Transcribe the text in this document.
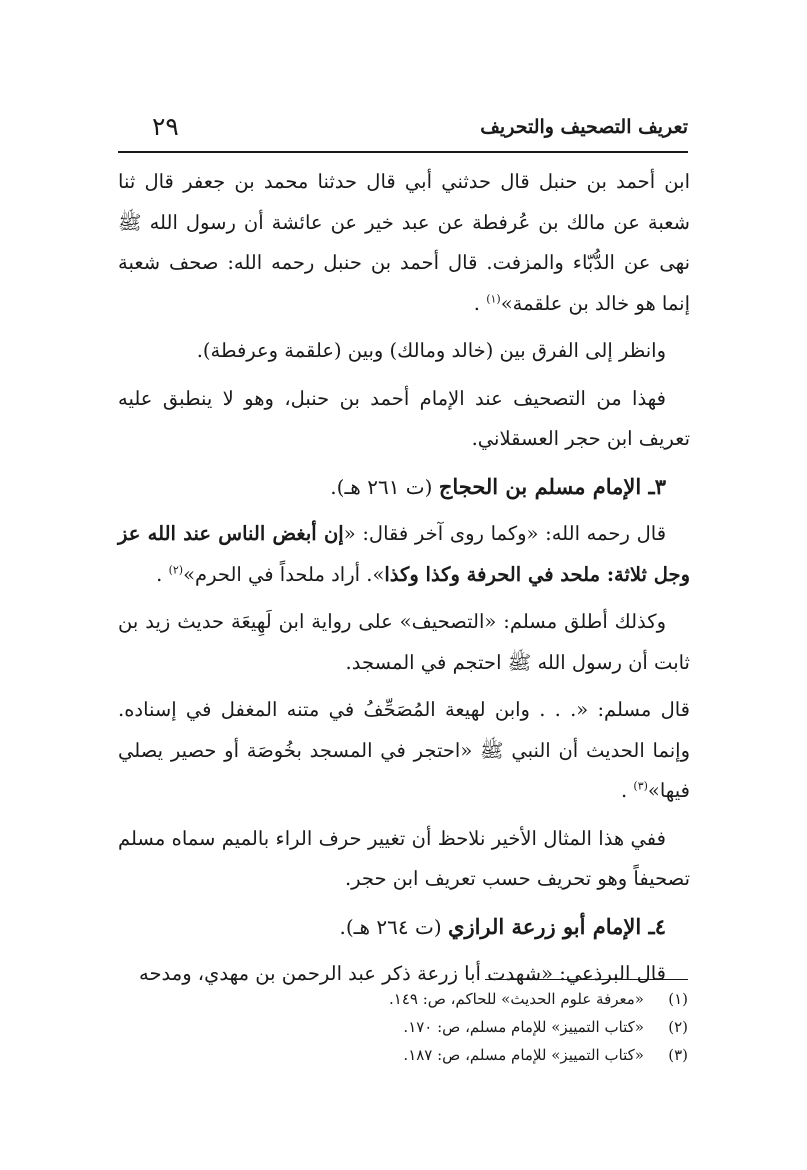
تعريف التصحيف والتحريف
٢٩

ابن أحمد بن حنبل قال حدثني أبي قال حدثنا محمد بن جعفر قال ثنا شعبة عن مالك بن عُرفطة عن عبد خير عن عائشة أن رسول الله ﷺ نهى عن الدُّبّاء والمزفت. قال أحمد بن حنبل رحمه الله: صحف شعبة إنما هو خالد بن علقمة»$^{(١)}$ .

وانظر إلى الفرق بين (خالد ومالك) وبين (علقمة وعرفطة).

فهذا من التصحيف عند الإمام أحمد بن حنبل، وهو لا ينطبق عليه تعريف ابن حجر العسقلاني.

٣ـ الإمام مسلم بن الحجاج (ت ٢٦١ هـ).

قال رحمه الله: «وكما روى آخر فقال: «إن أبغض الناس عند الله عز وجل ثلاثة: ملحد في الحرفة وكذا وكذا». أراد ملحداً في الحرم»$^{(٢)}$ .

وكذلك أطلق مسلم: «التصحيف» على رواية ابن لَهِيعَة حديث زيد بن ثابت أن رسول الله ﷺ احتجم في المسجد.

قال مسلم: «. . . وابن لهيعة المُصَحِّفُ في متنه المغفل في إسناده. وإنما الحديث أن النبي ﷺ «احتجر في المسجد بخُوصَة أو حصير يصلي فيها»$^{(٣)}$ .

ففي هذا المثال الأخير نلاحظ أن تغيير حرف الراء بالميم سماه مسلم تصحيفاً وهو تحريف حسب تعريف ابن حجر.

٤ـ الإمام أبو زرعة الرازي (ت ٢٦٤ هـ).

قال البرذعي: «شهدت أبا زرعة ذكر عبد الرحمن بن مهدي، ومدحه

(١)
«معرفة علوم الحديث» للحاكم، ص: ١٤٩.
(٢)
«كتاب التمييز» للإمام مسلم، ص: ١٧٠.
(٣)
«كتاب التمييز» للإمام مسلم، ص: ١٨٧.
